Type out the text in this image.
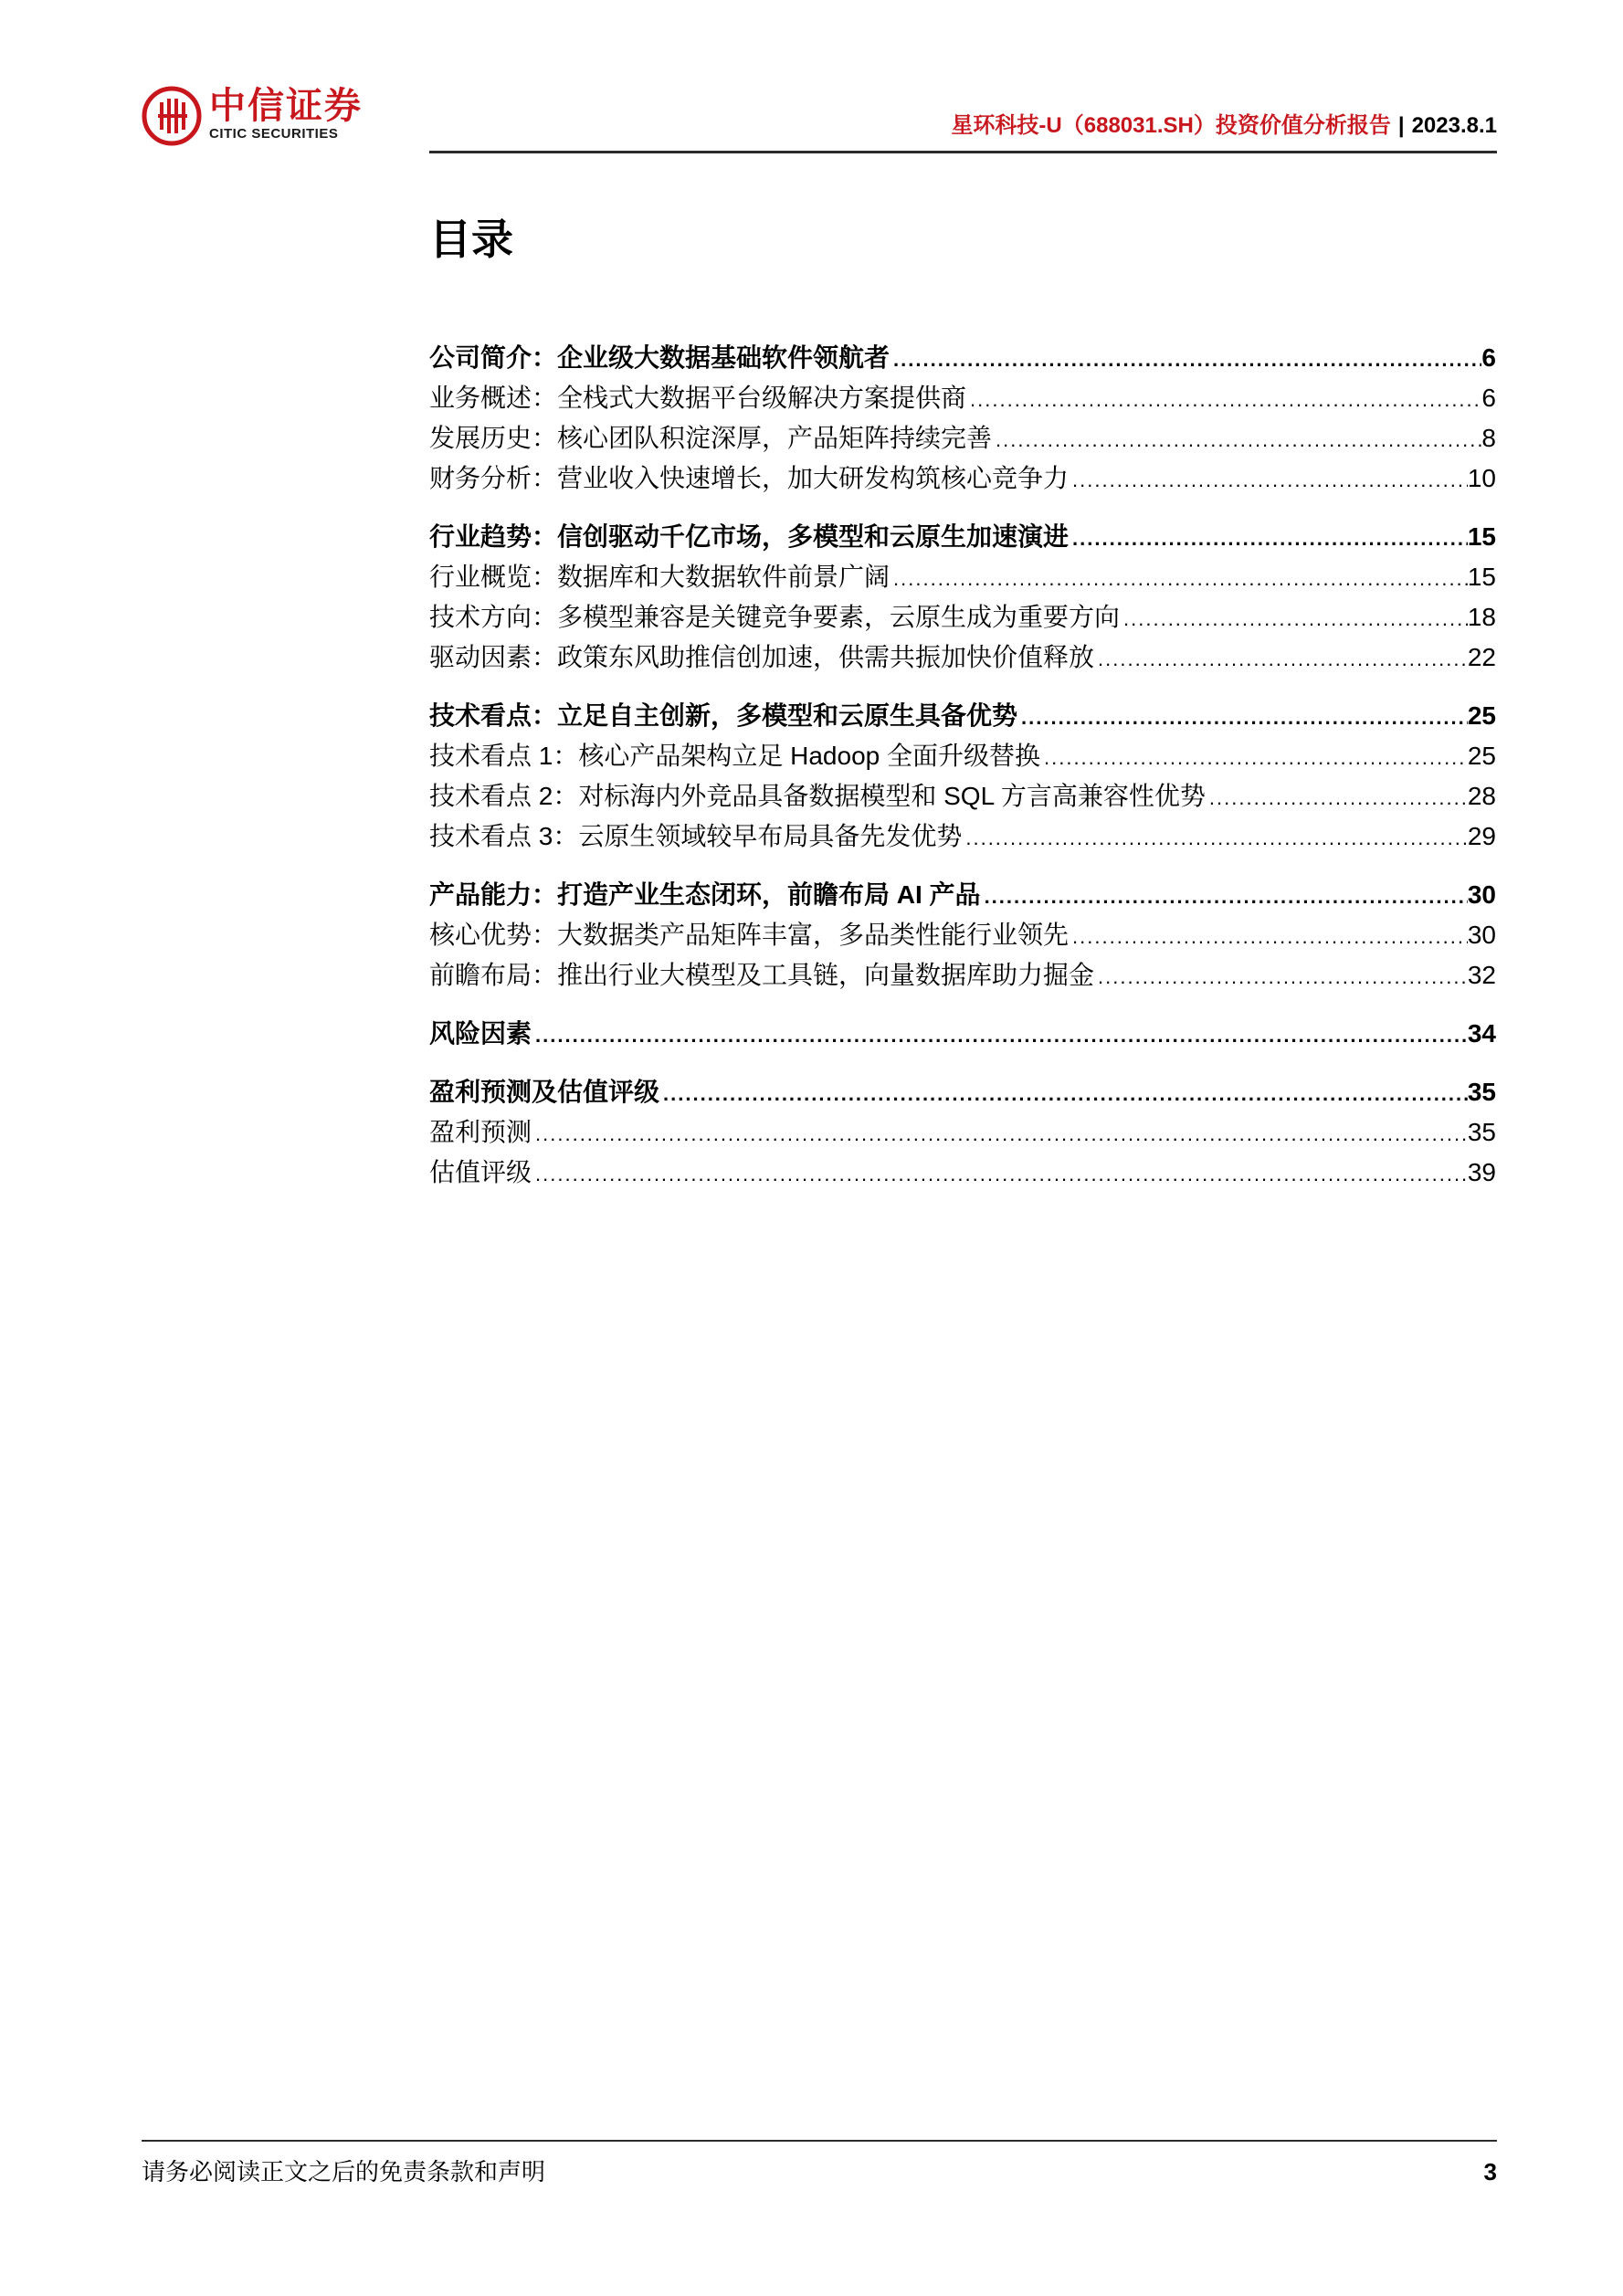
中信证券
CITIC SECURITIES	星环科技-U（688031.SH）投资价值分析报告 | 2023.8.1
目录
公司简介：企业级大数据基础软件领航者 .....	6
业务概述：全栈式大数据平台级解决方案提供商 .....	6
发展历史：核心团队积淀深厚，产品矩阵持续完善 .....	8
财务分析：营业收入快速增长，加大研发构筑核心竞争力 .....	10
行业趋势：信创驱动千亿市场，多模型和云原生加速演进 .....	15
行业概览：数据库和大数据软件前景广阔 .....	15
技术方向：多模型兼容是关键竞争要素，云原生成为重要方向 .....	18
驱动因素：政策东风助推信创加速，供需共振加快价值释放 .....	22
技术看点：立足自主创新，多模型和云原生具备优势 .....	25
技术看点 1：核心产品架构立足 Hadoop 全面升级替换 .....	25
技术看点 2：对标海内外竞品具备数据模型和 SQL 方言高兼容性优势 .....	28
技术看点 3：云原生领域较早布局具备先发优势 .....	29
产品能力：打造产业生态闭环，前瞻布局 AI 产品 .....	30
核心优势：大数据类产品矩阵丰富，多品类性能行业领先 .....	30
前瞻布局：推出行业大模型及工具链，向量数据库助力掘金 .....	32
风险因素 .....	34
盈利预测及估值评级 .....	35
盈利预测 .....	35
估值评级 .....	39
请务必阅读正文之后的免责条款和声明	3
